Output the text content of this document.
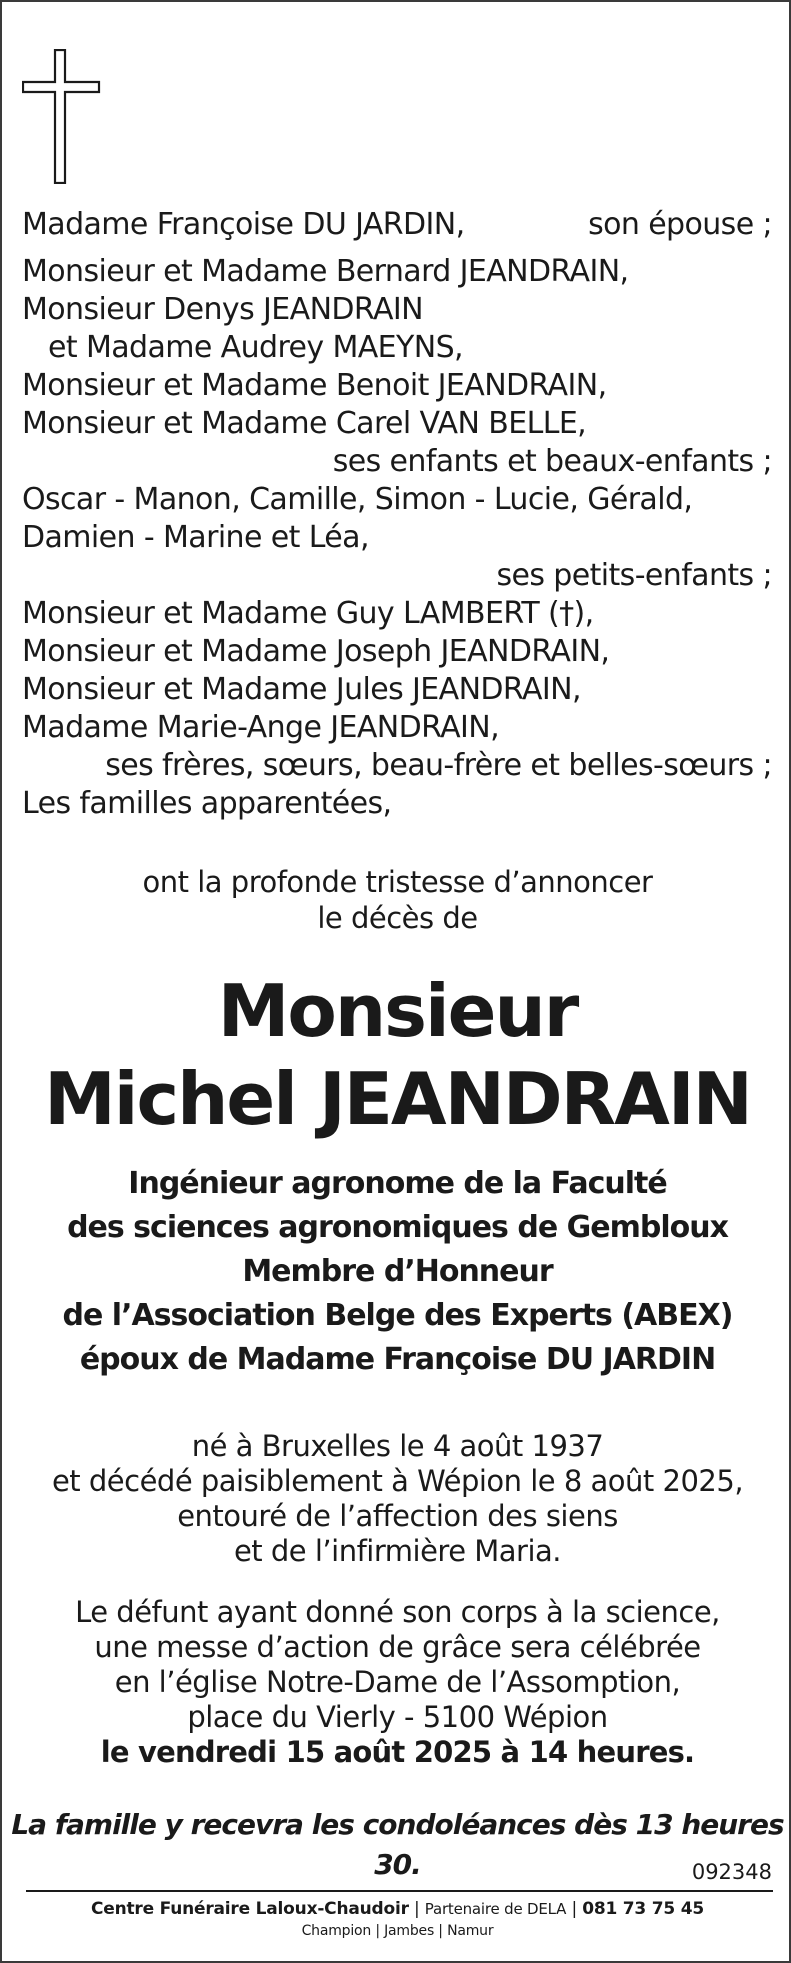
Madame Françoise DU JARDIN,	son épouse ;
Monsieur et Madame Bernard JEANDRAIN,
Monsieur Denys JEANDRAIN
et Madame Audrey MAEYNS,
Monsieur et Madame Benoit JEANDRAIN,
Monsieur et Madame Carel VAN BELLE,
ses enfants et beaux-enfants ;
Oscar - Manon, Camille, Simon - Lucie, Gérald,
Damien - Marine et Léa,
ses petits-enfants ;
Monsieur et Madame Guy LAMBERT (†),
Monsieur et Madame Joseph JEANDRAIN,
Monsieur et Madame Jules JEANDRAIN,
Madame Marie-Ange JEANDRAIN,
ses frères, sœurs, beau-frère et belles-sœurs ;
Les familles apparentées,
ont la profonde tristesse d’annoncer
le décès de
Monsieur
Michel JEANDRAIN
Ingénieur agronome de la Faculté
des sciences agronomiques de Gembloux
Membre d’Honneur
de l’Association Belge des Experts (ABEX)
époux de Madame Françoise DU JARDIN
né à Bruxelles le 4 août 1937
et décédé paisiblement à Wépion le 8 août 2025,
entouré de l’affection des siens
et de l’infirmière Maria.
Le défunt ayant donné son corps à la science,
une messe d’action de grâce sera célébrée
en l’église Notre-Dame de l’Assomption,
place du Vierly - 5100 Wépion
le vendredi 15 août 2025 à 14 heures.
La famille y recevra les condoléances dès 13 heures 30.	092348
Centre Funéraire Laloux-Chaudoir | Partenaire de DELA | 081 73 75 45
Champion | Jambes | Namur
